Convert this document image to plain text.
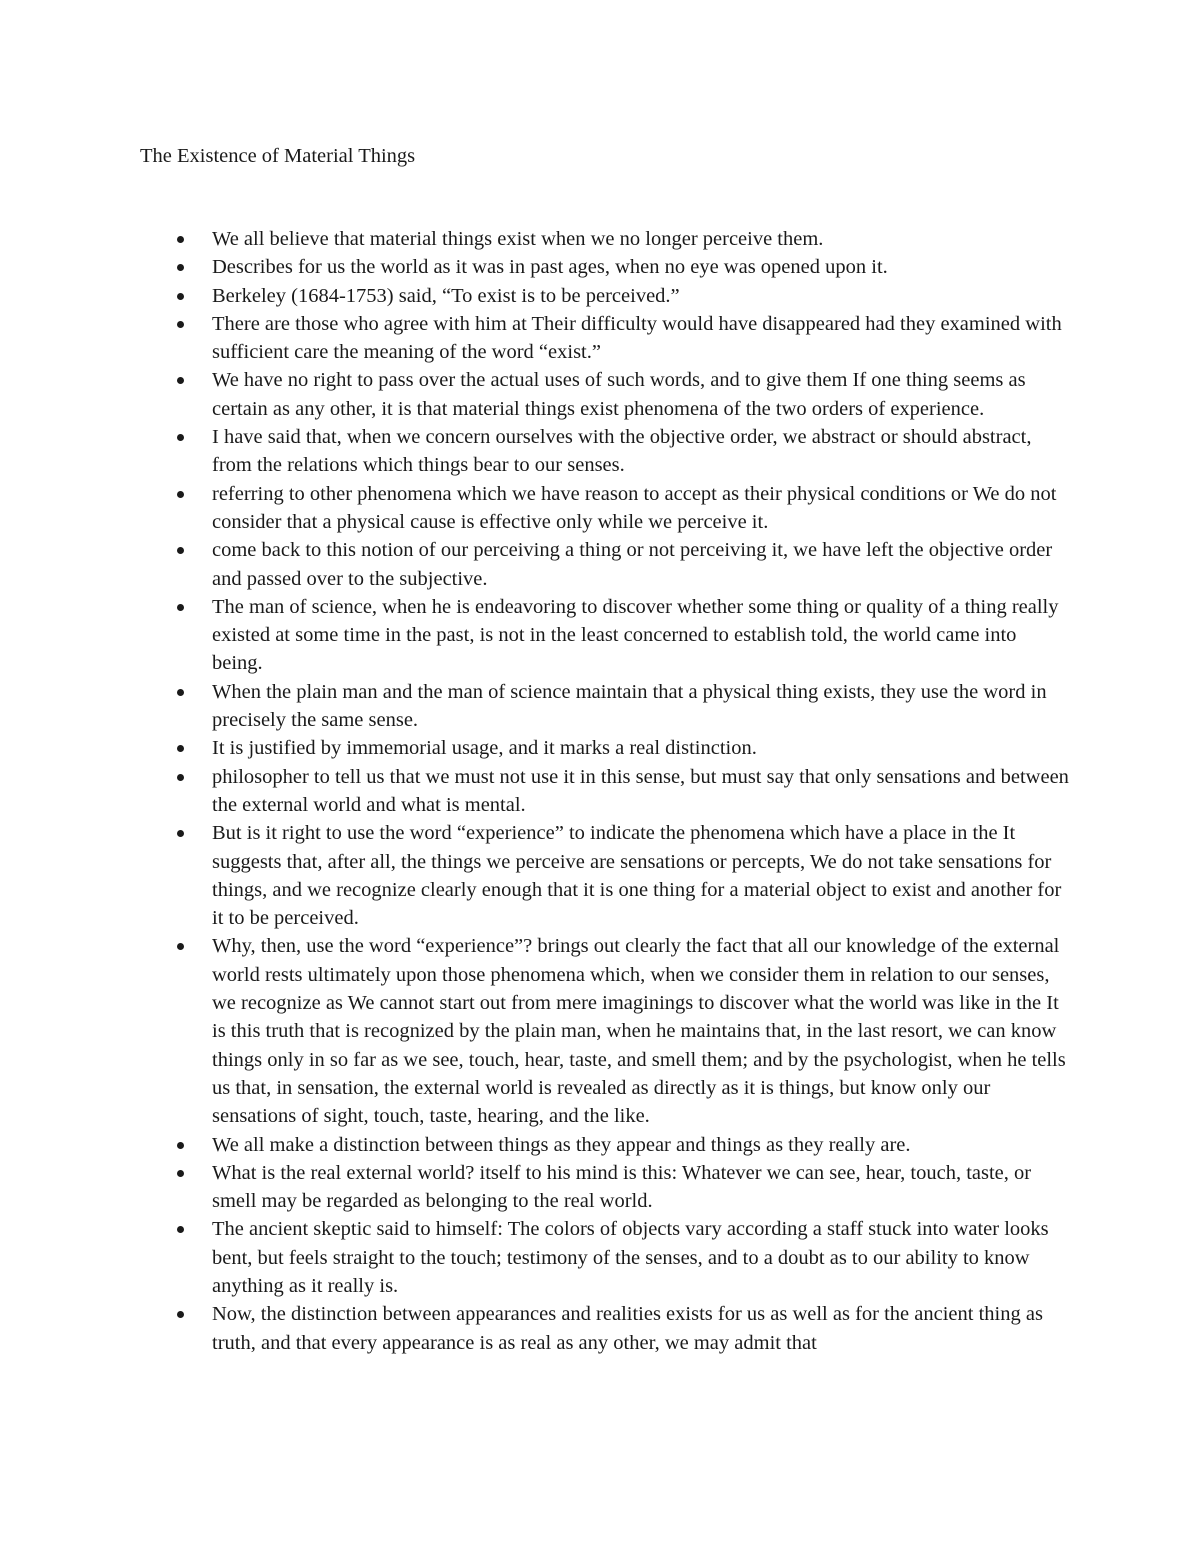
The Existence of Material Things
We all believe that material things exist when we no longer perceive them.
Describes for us the world as it was in past ages, when no eye was opened upon it.
Berkeley (1684-1753) said, “To exist is to be perceived.”
There are those who agree with him at Their difficulty would have disappeared had they examined with sufficient care the meaning of the word “exist.”
We have no right to pass over the actual uses of such words, and to give them If one thing seems as certain as any other, it is that material things exist phenomena of the two orders of experience.
I have said that, when we concern ourselves with the objective order, we abstract or should abstract, from the relations which things bear to our senses.
referring to other phenomena which we have reason to accept as their physical conditions or We do not consider that a physical cause is effective only while we perceive it.
come back to this notion of our perceiving a thing or not perceiving it, we have left the objective order and passed over to the subjective.
The man of science, when he is endeavoring to discover whether some thing or quality of a thing really existed at some time in the past, is not in the least concerned to establish told, the world came into being.
When the plain man and the man of science maintain that a physical thing exists, they use the word in precisely the same sense.
It is justified by immemorial usage, and it marks a real distinction.
philosopher to tell us that we must not use it in this sense, but must say that only sensations and between the external world and what is mental.
But is it right to use the word “experience” to indicate the phenomena which have a place in the It suggests that, after all, the things we perceive are sensations or percepts, We do not take sensations for things, and we recognize clearly enough that it is one thing for a material object to exist and another for it to be perceived.
Why, then, use the word “experience”? brings out clearly the fact that all our knowledge of the external world rests ultimately upon those phenomena which, when we consider them in relation to our senses, we recognize as We cannot start out from mere imaginings to discover what the world was like in the It is this truth that is recognized by the plain man, when he maintains that, in the last resort, we can know things only in so far as we see, touch, hear, taste, and smell them; and by the psychologist, when he tells us that, in sensation, the external world is revealed as directly as it is things, but know only our sensations of sight, touch, taste, hearing, and the like.
We all make a distinction between things as they appear and things as they really are.
What is the real external world? itself to his mind is this: Whatever we can see, hear, touch, taste, or smell may be regarded as belonging to the real world.
The ancient skeptic said to himself: The colors of objects vary according a staff stuck into water looks bent, but feels straight to the touch; testimony of the senses, and to a doubt as to our ability to know anything as it really is.
Now, the distinction between appearances and realities exists for us as well as for the ancient thing as truth, and that every appearance is as real as any other, we may admit that
